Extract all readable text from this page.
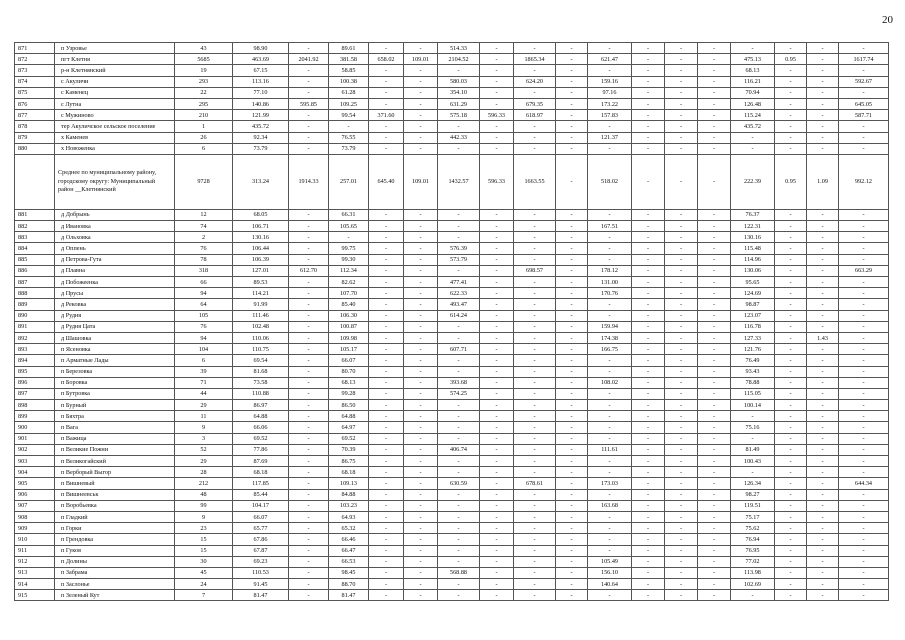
20
871	п Узровье	43	98.90	-	89.61	-	-	514.33	-	-	-	-	-	-	-	-	-	-	-
872	пгт Клетня	5685	463.69	2041.92	381.58	658.02	109.01	2104.52	-	1865.34	-	621.47	-	-	-	475.13	0.95	-	1617.74
873	р-н Клетнянский	19	67.15	-	58.85	-	-	-	-	-	-	-	-	-	-	68.13	-	-	-
874	с Акуличи	293	113.16	-	100.38	-	-	580.03	-	624.20	-	159.16	-	-	-	116.21	-	-	592.67
875	с Каменец	22	77.10	-	61.28	-	-	354.10	-	-	-	97.16	-	-	-	70.94	-	-	-
876	с Лутна	295	140.86	595.85	109.25	-	-	631.29	-	679.35	-	173.22	-	-	-	126.48	-	-	645.05
877	с Мужиново	210	121.99	-	99.54	371.60	-	575.18	596.33	618.97	-	157.83	-	-	-	115.24	-	-	587.71
878	тер Акуличское сельское поселение	1	435.72	-	-	-	-	-	-	-	-	-	-	-	-	435.72	-	-	-
879	х Каменев	26	92.34	-	76.55	-	-	442.33	-	-	-	121.37	-	-	-	-	-	-	-
880	х Новоженка	6	73.79	-	73.79	-	-	-	-	-	-	-	-	-	-	-	-	-	-
	Среднее по муниципальному району, городскому округу: Муниципальный район __Клетнянский	9728	313.24	1914.33	257.01	645.40	109.01	1432.57	596.33	1663.55	-	518.02	-	-	-	222.39	0.95	1.09	992.12
881	д Добрынь	12	68.05	-	66.31	-	-	-	-	-	-	-	-	-	-	76.37	-	-	-
882	д Ивановка	74	106.71	-	105.65	-	-	-	-	-	-	167.51	-	-	-	122.31	-	-	-
883	д Ольховка	2	130.16	-	-	-	-	-	-	-	-	-	-	-	-	130.16	-	-	-
884	д Оппень	76	106.44	-	99.75	-	-	576.39	-	-	-	-	-	-	-	115.48	-	-	-
885	д Петрова-Гута	78	106.39	-	99.30	-	-	573.79	-	-	-	-	-	-	-	114.96	-	-	-
886	д Плавна	318	127.01	612.70	112.34	-	-	-	-	698.57	-	178.12	-	-	-	130.06	-	-	663.29
887	д Побожеенка	66	89.53	-	82.62	-	-	477.41	-	-	-	131.00	-	-	-	95.65	-	-	-
888	д Прусы	94	114.21	-	107.70	-	-	622.33	-	-	-	170.76	-	-	-	124.69	-	-	-
889	д Рековка	64	91.99	-	85.40	-	-	493.47	-	-	-	-	-	-	-	98.87	-	-	-
890	д Рудня	105	111.46	-	106.30	-	-	614.24	-	-	-	-	-	-	-	123.07	-	-	-
891	д Рудня Цата	76	102.48	-	100.87	-	-	-	-	-	-	159.94	-	-	-	116.78	-	-	-
892	д Шашовка	94	110.06	-	109.98	-	-	-	-	-	-	174.38	-	-	-	127.33	-	1.43	-
893	п Ясеновка	104	110.75	-	105.17	-	-	607.71	-	-	-	166.75	-	-	-	121.76	-	-	-
894	п Арматные Лады	6	69.54	-	66.07	-	-	-	-	-	-	-	-	-	-	76.49	-	-	-
895	п Березовка	39	81.68	-	80.70	-	-	-	-	-	-	-	-	-	-	93.43	-	-	-
896	п Боровка	71	73.58	-	68.13	-	-	393.68	-	-	-	108.02	-	-	-	78.88	-	-	-
897	п Бутровка	44	110.88	-	99.28	-	-	574.25	-	-	-	-	-	-	-	115.05	-	-	-
898	п Бурный	29	86.97	-	86.50	-	-	-	-	-	-	-	-	-	-	100.14	-	-	-
899	п Бяхтра	11	64.88	-	64.88	-	-	-	-	-	-	-	-	-	-	-	-	-	-
900	п Вага	9	66.06	-	64.97	-	-	-	-	-	-	-	-	-	-	75.16	-	-	-
901	п Важица	3	69.52	-	69.52	-	-	-	-	-	-	-	-	-	-	-	-	-	-
902	п Великие Пожни	52	77.86	-	70.39	-	-	406.74	-	-	-	111.61	-	-	-	81.49	-	-	-
903	п Великогайский	29	87.69	-	86.75	-	-	-	-	-	-	-	-	-	-	100.43	-	-	-
904	п Верборый Выгор	28	68.18	-	68.18	-	-	-	-	-	-	-	-	-	-	-	-	-	-
905	п Вишневый	212	117.85	-	109.13	-	-	630.59	-	678.61	-	173.03	-	-	-	126.34	-	-	644.34
906	п Вишнеевськ	48	85.44	-	84.88	-	-	-	-	-	-	-	-	-	-	98.27	-	-	-
907	п Воробьевка	99	104.17	-	103.23	-	-	-	-	-	-	163.68	-	-	-	119.51	-	-	-
908	п Гладкий	9	66.07	-	64.93	-	-	-	-	-	-	-	-	-	-	75.17	-	-	-
909	п Горки	23	65.77	-	65.32	-	-	-	-	-	-	-	-	-	-	75.62	-	-	-
910	п Грендовка	15	67.86	-	66.46	-	-	-	-	-	-	-	-	-	-	76.94	-	-	-
911	п Гуков	15	67.87	-	66.47	-	-	-	-	-	-	-	-	-	-	76.95	-	-	-
912	п Долины	30	69.23	-	66.53	-	-	-	-	-	-	105.49	-	-	-	77.02	-	-	-
913	п Забрама	45	110.53	-	98.45	-	-	568.88	-	-	-	156.10	-	-	-	113.98	-	-	-
914	п Заслонье	24	91.45	-	88.70	-	-	-	-	-	-	140.64	-	-	-	102.69	-	-	-
915	п Зеленый Кут	7	81.47	-	81.47	-	-	-	-	-	-	-	-	-	-	-	-	-	-
